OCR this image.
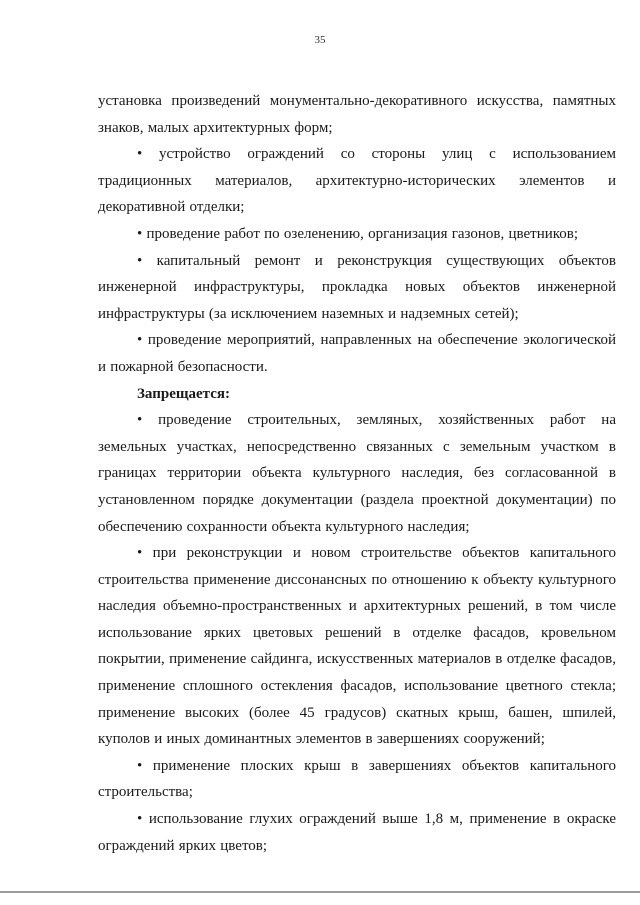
35

установка произведений монументально-декоративного искусства, памятных знаков, малых архитектурных форм;

• устройство ограждений со стороны улиц с использованием традиционных материалов, архитектурно-исторических элементов и декоративной отделки;

• проведение работ по озеленению, организация газонов, цветников;

• капитальный ремонт и реконструкция существующих объектов инженерной инфраструктуры, прокладка новых объектов инженерной инфраструктуры (за исключением наземных и надземных сетей);

• проведение мероприятий, направленных на обеспечение экологической и пожарной безопасности.

Запрещается:

• проведение строительных, земляных, хозяйственных работ на земельных участках, непосредственно связанных с земельным участком в границах территории объекта культурного наследия, без согласованной в установленном порядке документации (раздела проектной документации) по обеспечению сохранности объекта культурного наследия;

• при реконструкции и новом строительстве объектов капитального строительства применение диссонансных по отношению к объекту культурного наследия объемно-пространственных и архитектурных решений, в том числе использование ярких цветовых решений в отделке фасадов, кровельном покрытии, применение сайдинга, искусственных материалов в отделке фасадов, применение сплошного остекления фасадов, использование цветного стекла; применение высоких (более 45 градусов) скатных крыш, башен, шпилей, куполов и иных доминантных элементов в завершениях сооружений;

• применение плоских крыш в завершениях объектов капитального строительства;

• использование глухих ограждений выше 1,8 м, применение в окраске ограждений ярких цветов;
